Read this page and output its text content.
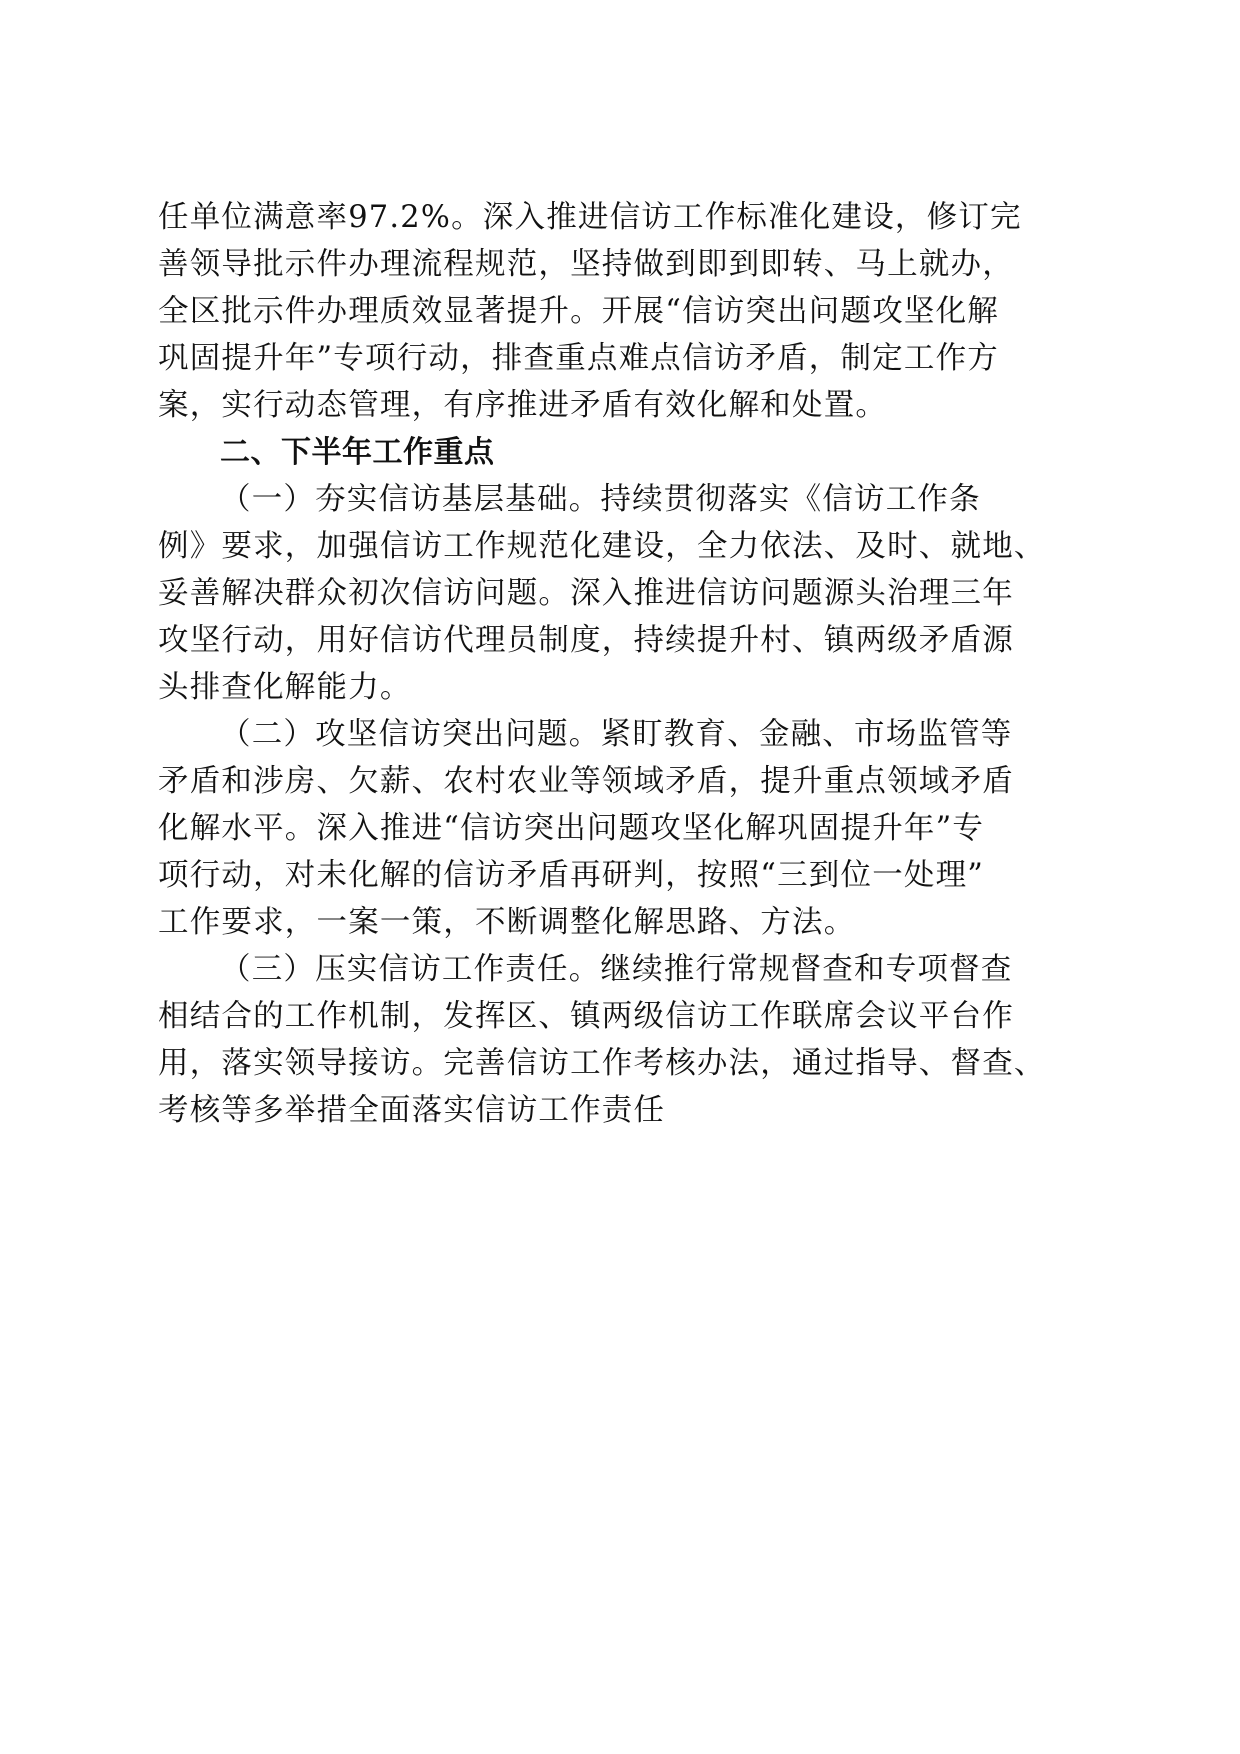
任单位满意率97.2%。深入推进信访工作标准化建设，修订完
善领导批示件办理流程规范，坚持做到即到即转、马上就办，
全区批示件办理质效显著提升。开展“信访突出问题攻坚化解
巩固提升年”专项行动，排查重点难点信访矛盾，制定工作方
案，实行动态管理，有序推进矛盾有效化解和处置。
二、下半年工作重点
（一）夯实信访基层基础。持续贯彻落实《信访工作条
例》要求，加强信访工作规范化建设，全力依法、及时、就地、
妥善解决群众初次信访问题。深入推进信访问题源头治理三年
攻坚行动，用好信访代理员制度，持续提升村、镇两级矛盾源
头排查化解能力。
（二）攻坚信访突出问题。紧盯教育、金融、市场监管等
矛盾和涉房、欠薪、农村农业等领域矛盾，提升重点领域矛盾
化解水平。深入推进“信访突出问题攻坚化解巩固提升年”专
项行动，对未化解的信访矛盾再研判，按照“三到位一处理”
工作要求，一案一策，不断调整化解思路、方法。
（三）压实信访工作责任。继续推行常规督查和专项督查
相结合的工作机制，发挥区、镇两级信访工作联席会议平台作
用，落实领导接访。完善信访工作考核办法，通过指导、督查、
考核等多举措全面落实信访工作责任
